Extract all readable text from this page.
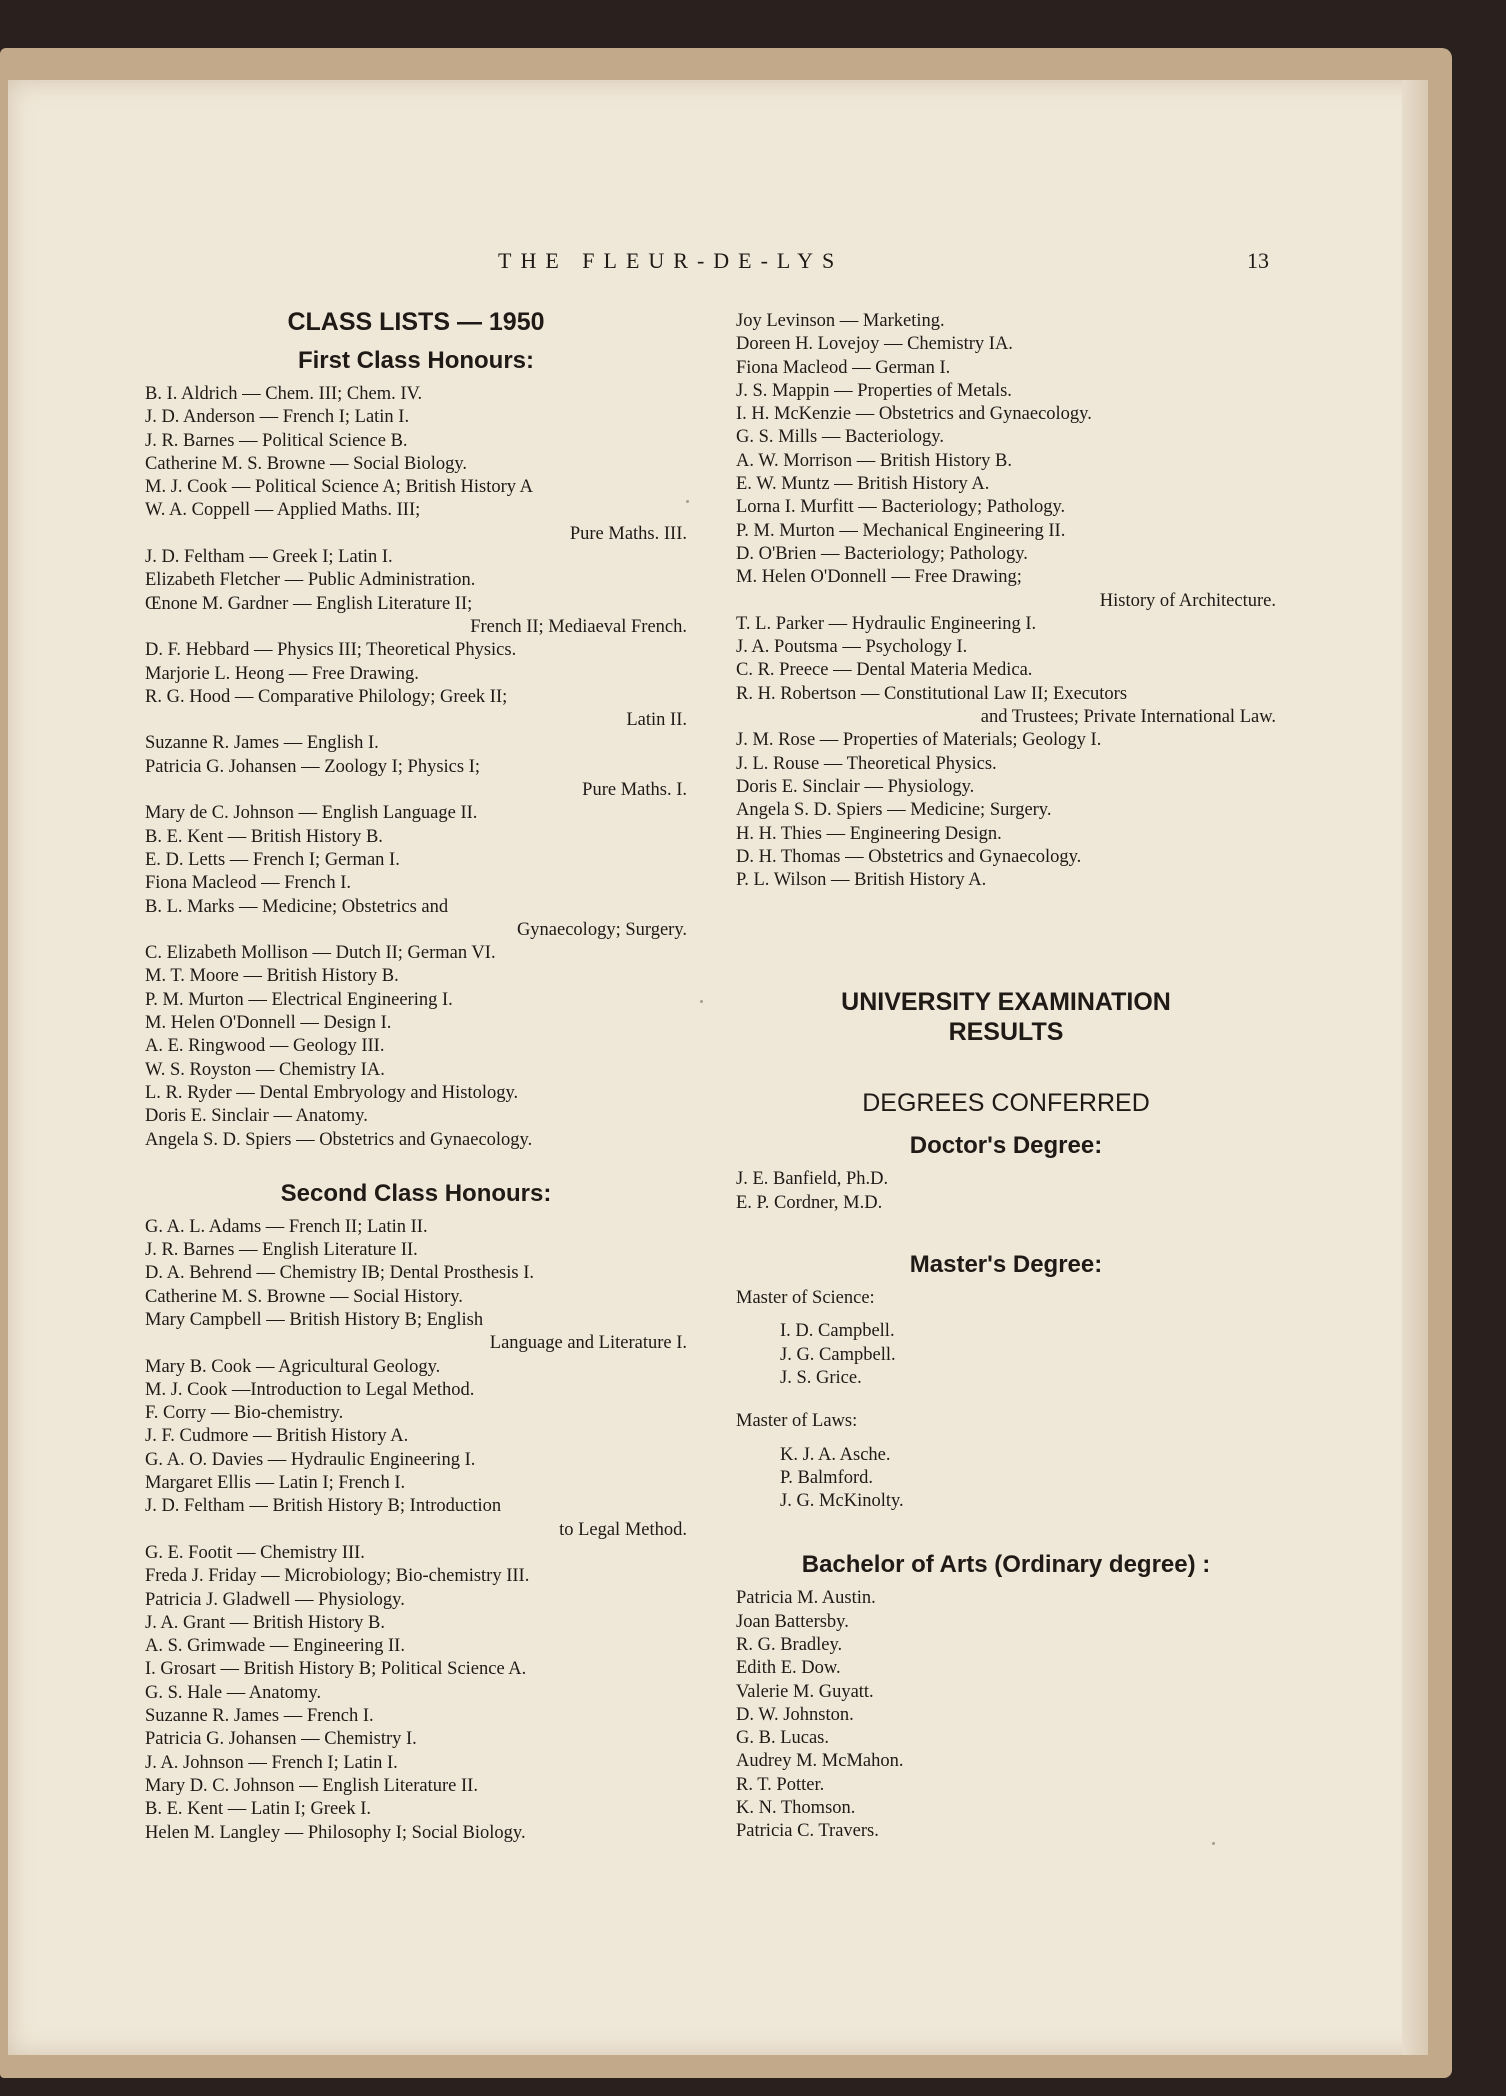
THE FLEUR-DE-LYS	13
CLASS LISTS — 1950
First Class Honours:
B. I. Aldrich — Chem. III; Chem. IV.
J. D. Anderson — French I; Latin I.
J. R. Barnes — Political Science B.
Catherine M. S. Browne — Social Biology.
M. J. Cook — Political Science A; British History A
W. A. Coppell — Applied Maths. III;
Pure Maths. III.
J. D. Feltham — Greek I; Latin I.
Elizabeth Fletcher — Public Administration.
Œnone M. Gardner — English Literature II;
French II; Mediaeval French.
D. F. Hebbard — Physics III; Theoretical Physics.
Marjorie L. Heong — Free Drawing.
R. G. Hood — Comparative Philology; Greek II;
Latin II.
Suzanne R. James — English I.
Patricia G. Johansen — Zoology I; Physics I;
Pure Maths. I.
Mary de C. Johnson — English Language II.
B. E. Kent — British History B.
E. D. Letts — French I; German I.
Fiona Macleod — French I.
B. L. Marks — Medicine; Obstetrics and
Gynaecology; Surgery.
C. Elizabeth Mollison — Dutch II; German VI.
M. T. Moore — British History B.
P. M. Murton — Electrical Engineering I.
M. Helen O'Donnell — Design I.
A. E. Ringwood — Geology III.
W. S. Royston — Chemistry IA.
L. R. Ryder — Dental Embryology and Histology.
Doris E. Sinclair — Anatomy.
Angela S. D. Spiers — Obstetrics and Gynaecology.
Second Class Honours:
G. A. L. Adams — French II; Latin II.
J. R. Barnes — English Literature II.
D. A. Behrend — Chemistry IB; Dental Prosthesis I.
Catherine M. S. Browne — Social History.
Mary Campbell — British History B; English
Language and Literature I.
Mary B. Cook — Agricultural Geology.
M. J. Cook —Introduction to Legal Method.
F. Corry — Bio-chemistry.
J. F. Cudmore — British History A.
G. A. O. Davies — Hydraulic Engineering I.
Margaret Ellis — Latin I; French I.
J. D. Feltham — British History B; Introduction
to Legal Method.
G. E. Footit — Chemistry III.
Freda J. Friday — Microbiology; Bio-chemistry III.
Patricia J. Gladwell — Physiology.
J. A. Grant — British History B.
A. S. Grimwade — Engineering II.
I. Grosart — British History B; Political Science A.
G. S. Hale — Anatomy.
Suzanne R. James — French I.
Patricia G. Johansen — Chemistry I.
J. A. Johnson — French I; Latin I.
Mary D. C. Johnson — English Literature II.
B. E. Kent — Latin I; Greek I.
Helen M. Langley — Philosophy I; Social Biology.
Joy Levinson — Marketing.
Doreen H. Lovejoy — Chemistry IA.
Fiona Macleod — German I.
J. S. Mappin — Properties of Metals.
I. H. McKenzie — Obstetrics and Gynaecology.
G. S. Mills — Bacteriology.
A. W. Morrison — British History B.
E. W. Muntz — British History A.
Lorna I. Murfitt — Bacteriology; Pathology.
P. M. Murton — Mechanical Engineering II.
D. O'Brien — Bacteriology; Pathology.
M. Helen O'Donnell — Free Drawing;
History of Architecture.
T. L. Parker — Hydraulic Engineering I.
J. A. Poutsma — Psychology I.
C. R. Preece — Dental Materia Medica.
R. H. Robertson — Constitutional Law II; Executors
and Trustees; Private International Law.
J. M. Rose — Properties of Materials; Geology I.
J. L. Rouse — Theoretical Physics.
Doris E. Sinclair — Physiology.
Angela S. D. Spiers — Medicine; Surgery.
H. H. Thies — Engineering Design.
D. H. Thomas — Obstetrics and Gynaecology.
P. L. Wilson — British History A.
UNIVERSITY EXAMINATION
RESULTS
DEGREES CONFERRED
Doctor's Degree:
J. E. Banfield, Ph.D.
E. P. Cordner, M.D.
Master's Degree:
Master of Science:
I. D. Campbell.
J. G. Campbell.
J. S. Grice.
Master of Laws:
K. J. A. Asche.
P. Balmford.
J. G. McKinolty.
Bachelor of Arts (Ordinary degree) :
Patricia M. Austin.
Joan Battersby.
R. G. Bradley.
Edith E. Dow.
Valerie M. Guyatt.
D. W. Johnston.
G. B. Lucas.
Audrey M. McMahon.
R. T. Potter.
K. N. Thomson.
Patricia C. Travers.
